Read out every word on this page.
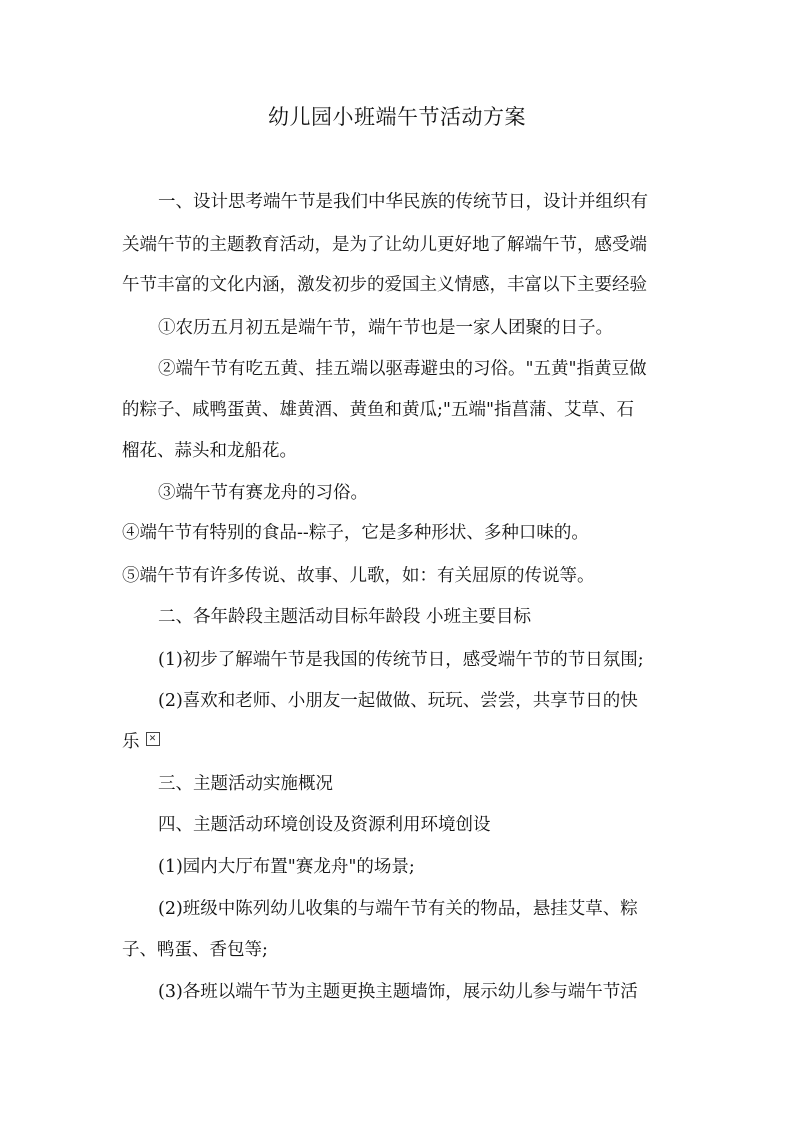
幼儿园小班端午节活动方案
一、设计思考端午节是我们中华民族的传统节日，设计并组织有
关端午节的主题教育活动，是为了让幼儿更好地了解端午节，感受端
午节丰富的文化内涵，激发初步的爱国主义情感，丰富以下主要经验
①农历五月初五是端午节，端午节也是一家人团聚的日子。
②端午节有吃五黄、挂五端以驱毒避虫的习俗。"五黄"指黄豆做
的粽子、咸鸭蛋黄、雄黄酒、黄鱼和黄瓜;"五端"指菖蒲、艾草、石
榴花、蒜头和龙船花。
③端午节有赛龙舟的习俗。
④端午节有特别的食品--粽子，它是多种形状、多种口味的。
⑤端午节有许多传说、故事、儿歌，如：有关屈原的传说等。
二、各年龄段主题活动目标年龄段 小班主要目标
(1)初步了解端午节是我国的传统节日，感受端午节的节日氛围;
(2)喜欢和老师、小朋友一起做做、玩玩、尝尝，共享节日的快
乐 ✕
三、主题活动实施概况
四、主题活动环境创设及资源利用环境创设
(1)园内大厅布置"赛龙舟"的场景;
(2)班级中陈列幼儿收集的与端午节有关的物品，悬挂艾草、粽
子、鸭蛋、香包等;
(3)各班以端午节为主题更换主题墙饰，展示幼儿参与端午节活
